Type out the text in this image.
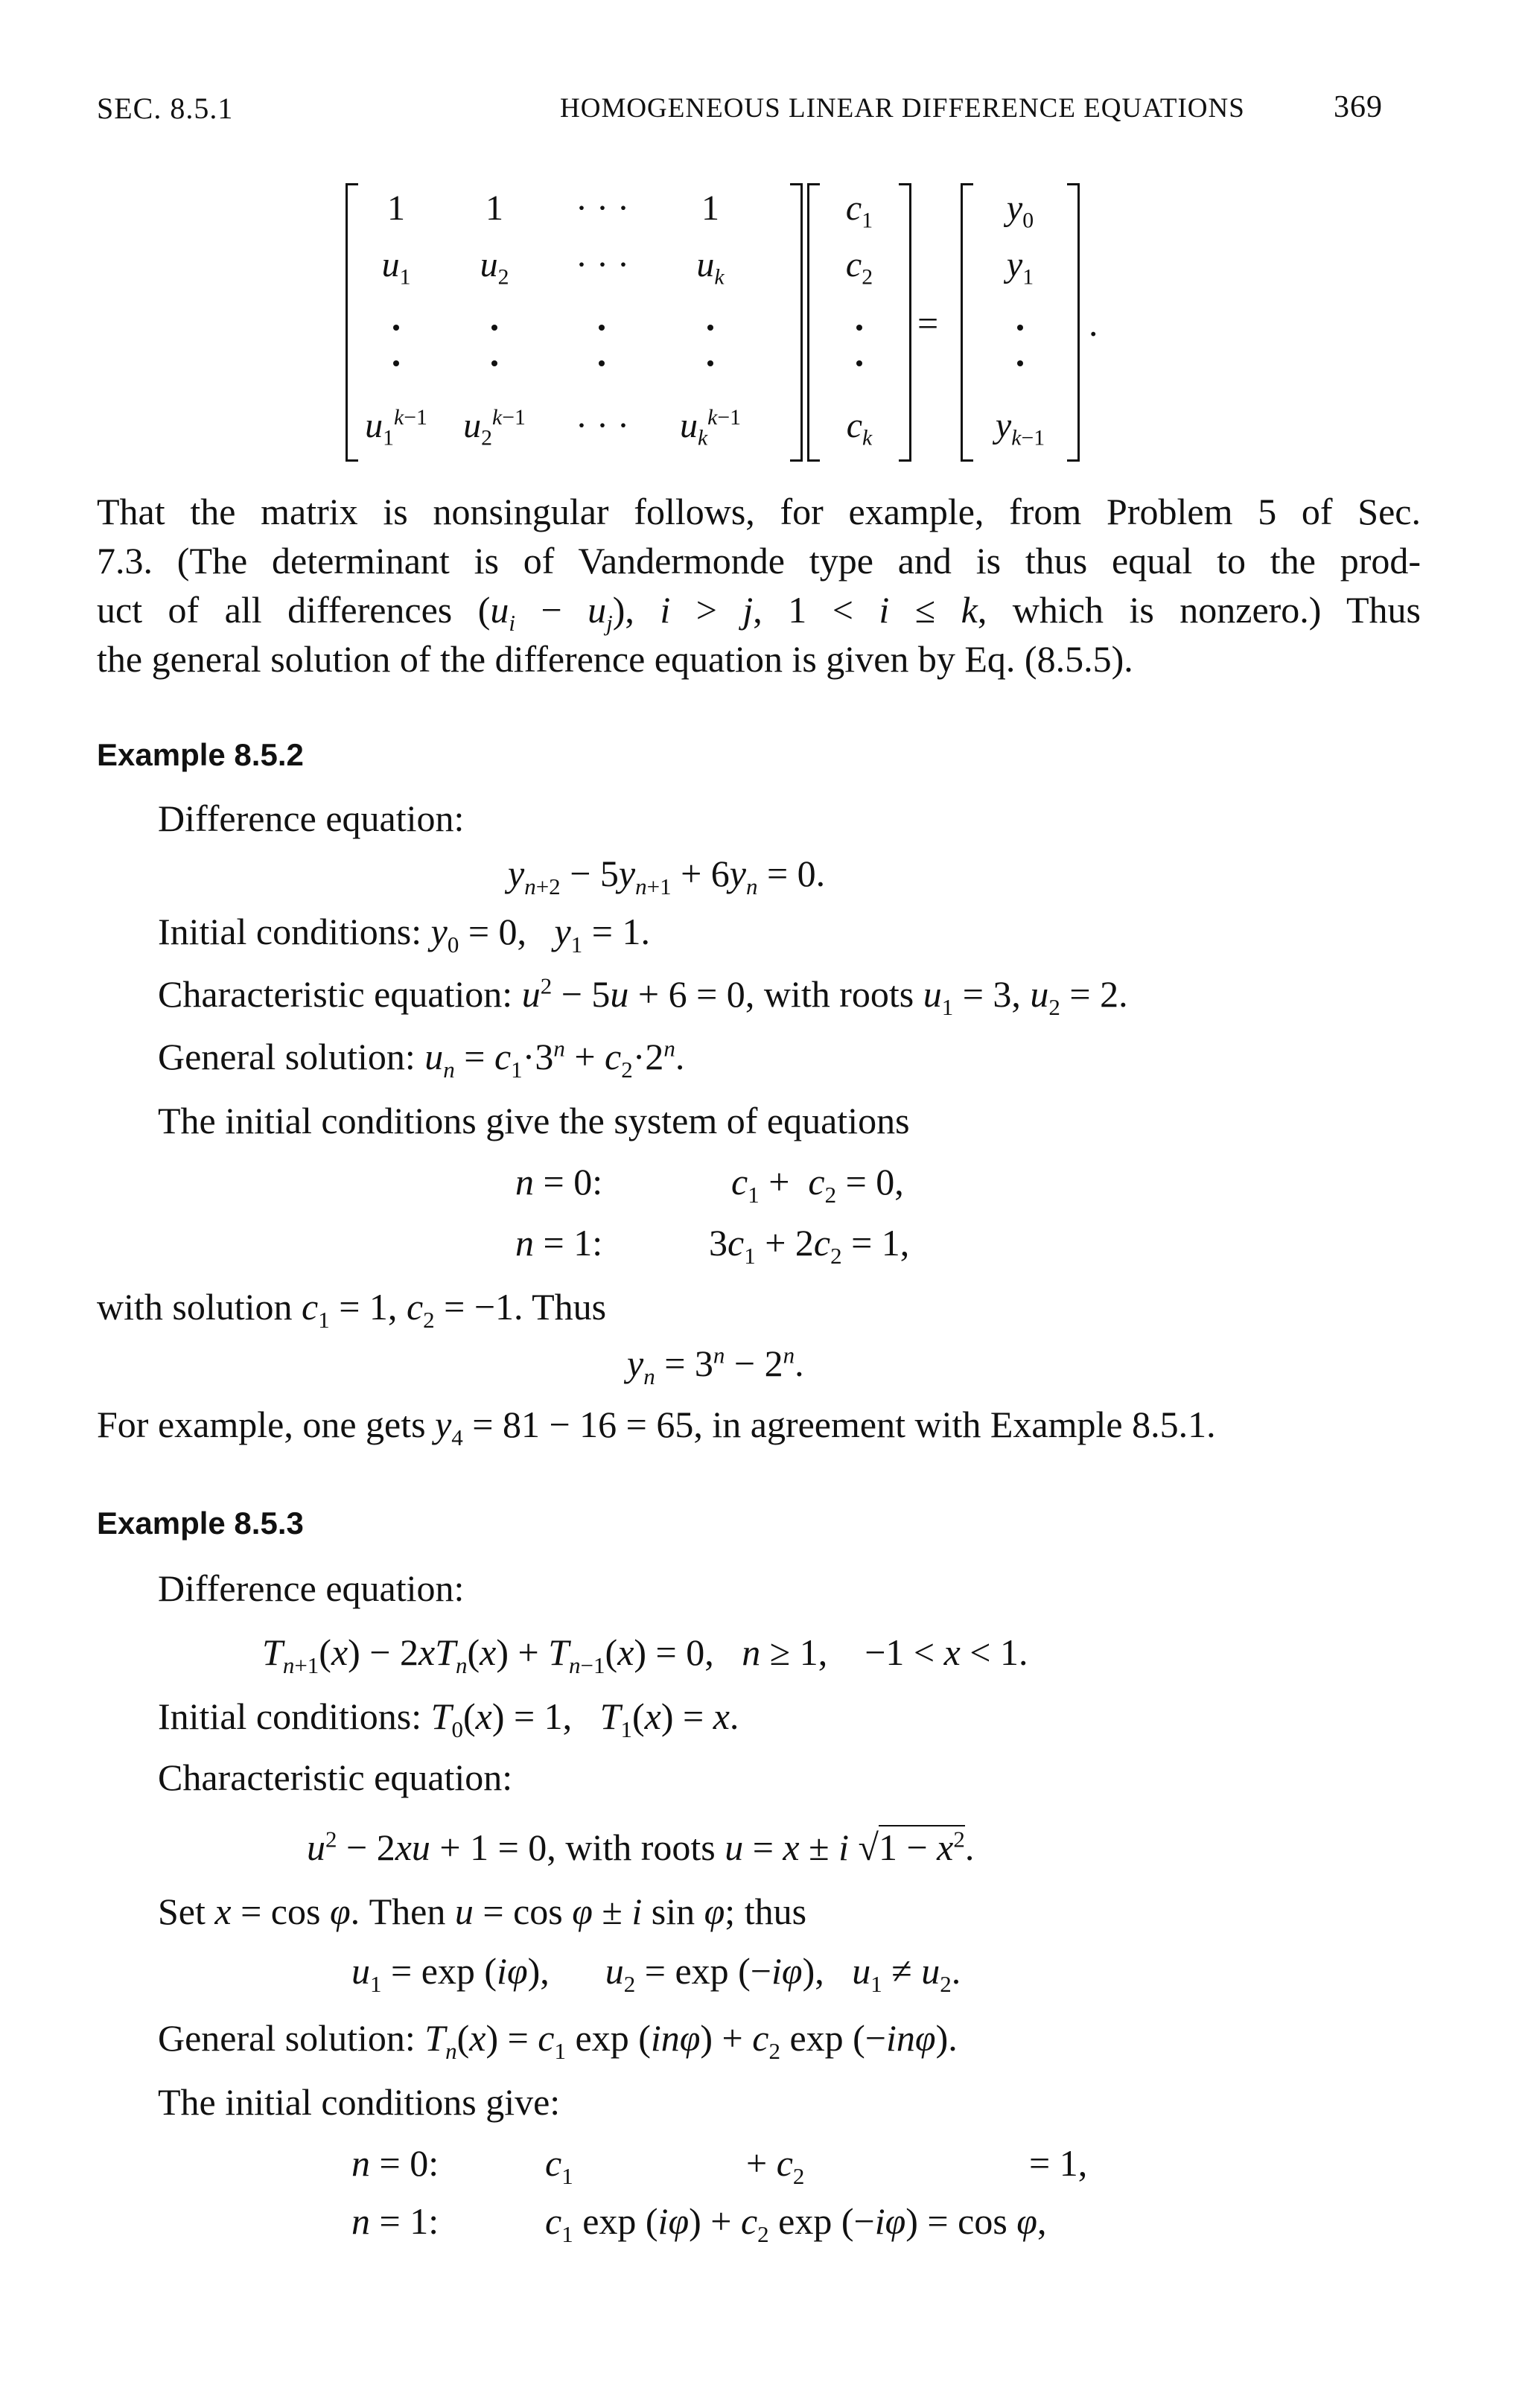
SEC. 8.5.1	HOMOGENEOUS LINEAR DIFFERENCE EQUATIONS	369
1	1	· · ·	1
$u_1$	$u_2$	· · ·	$u_k$
$u_1^{k-1}$	$u_2^{k-1}$	· · ·	$u_k^{k-1}$
$c_1$
$c_2$
$c_k$
=
$y_0$
$y_1$
$y_{k-1}$
.
That the matrix is nonsingular follows, for example, from Problem 5 of Sec.
7.3. (The determinant is of Vandermonde type and is thus equal to the prod-
uct of all differences $(u_i - u_j)$, i > j, 1 < i ≤ k, which is nonzero.) Thus
the general solution of the difference equation is given by Eq. (8.5.5).
Example 8.5.2
Difference equation:
$y_{n+2} - 5y_{n+1} + 6y_n = 0$.
Initial conditions: $y_0 = 0$,   $y_1 = 1$.
Characteristic equation: $u^2 - 5u + 6 = 0$, with roots $u_1 = 3$, $u_2 = 2$.
General solution: $u_n = c_1\cdot 3^n + c_2\cdot 2^n$.
The initial conditions give the system of equations
n = 0:	$c_1 + c_2 = 0$,
n = 1:	$3c_1 + 2c_2 = 1$,
with solution $c_1 = 1$, $c_2 = -1$. Thus
$y_n = 3^n - 2^n$.
For example, one gets $y_4 = 81 - 16 = 65$, in agreement with Example 8.5.1.
Example 8.5.3
Difference equation:
$T_{n+1}(x) - 2xT_n(x) + T_{n-1}(x) = 0$,   n ≥ 1,    −1 < x < 1.
Initial conditions: $T_0(x) = 1$,   $T_1(x) = x$.
Characteristic equation:
$u^2 - 2xu + 1 = 0$, with roots u = x ± i $√1 - x^2$.
Set x = cos φ. Then u = cos φ ± i sin φ; thus
$u_1 = \exp (i\varphi)$,      $u_2 = \exp (-i\varphi)$,   $u_1 \ne u_2$.
General solution: $T_n(x) = c_1$ $\exp (in\varphi) + c_2$ exp (−inφ).
The initial conditions give:
n = 0:	$c_1$	+ $c_2$	= 1,
n = 1:	$c_1$ $\exp (i\varphi) + c_2$ exp (−iφ) = cos φ,
